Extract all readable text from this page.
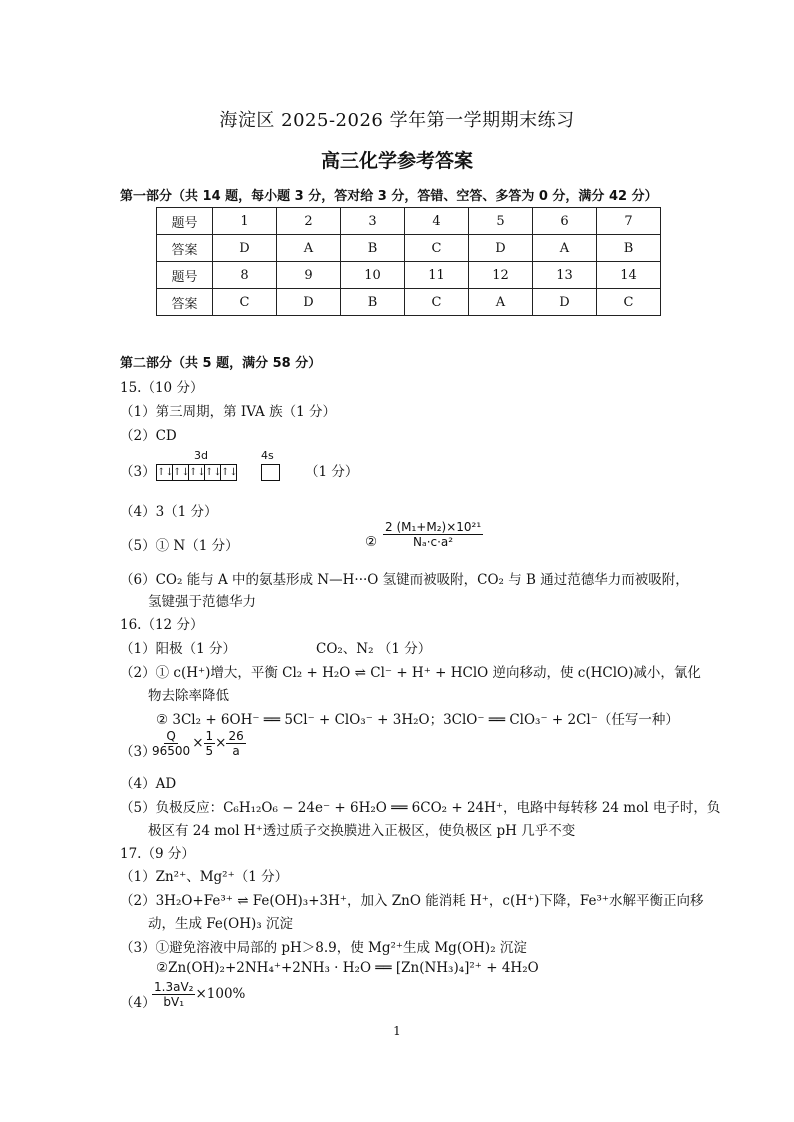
海淀区 2025-2026 学年第一学期期末练习
高三化学参考答案
第一部分（共 14 题，每小题 3 分，答对给 3 分，答错、空答、多答为 0 分，满分 42 分）
题号	1	2	3	4	5	6	7
答案	D	A	B	C	D	A	B
题号	8	9	10	11	12	13	14
答案	C	D	B	C	A	D	C
第二部分（共 5 题，满分 58 分）
15.（10 分）
（1）第三周期，第 IVA 族（1 分）
（2）CD
（3）
3d	4s
↑↓↑↓↑↓↑↓↑↓	（1 分）
（4）3（1 分）
（5）① N（1 分）	② $\frac{\text{2 (M₁+M₂)×10²¹}}{\text{Nₐ·c·a²}}$
（6）CO₂ 能与 A 中的氨基形成 N—H···O 氢键而被吸附，CO₂ 与 B 通过范德华力而被吸附，
氢键强于范德华力
16.（12 分）
（1）阳极（1 分）	CO₂、N₂ （1 分）
（2）① c(H⁺)增大，平衡 Cl₂ + H₂O ⇌ Cl⁻ + H⁺ + HClO 逆向移动，使 c(HClO)减小，氰化
物去除率降低
② 3Cl₂ + 6OH⁻ ══ 5Cl⁻ + ClO₃⁻ + 3H₂O；3ClO⁻ ══ ClO₃⁻ + 2Cl⁻（任写一种）
（3）
$\frac{Q}{96500} \times \frac{1}{5} \times \frac{26}{a}$
（4）AD
（5）负极反应：C₆H₁₂O₆ − 24e⁻ + 6H₂O ══ 6CO₂ + 24H⁺，电路中每转移 24 mol 电子时，负
极区有 24 mol H⁺透过质子交换膜进入正极区，使负极区 pH 几乎不变
17.（9 分）
（1）Zn²⁺、Mg²⁺（1 分）
（2）3H₂O+Fe³⁺ ⇌ Fe(OH)₃+3H⁺，加入 ZnO 能消耗 H⁺，c(H⁺)下降，Fe³⁺水解平衡正向移
动，生成 Fe(OH)₃ 沉淀
（3）①避免溶液中局部的 pH＞8.9，使 Mg²⁺生成 Mg(OH)₂ 沉淀
②Zn(OH)₂+2NH₄⁺+2NH₃ · H₂O ══ [Zn(NH₃)₄]²⁺ + 4H₂O
（4）
$\frac{\text{1.3aV₂}}{\text{bV₁}} \times 100\%$
1
